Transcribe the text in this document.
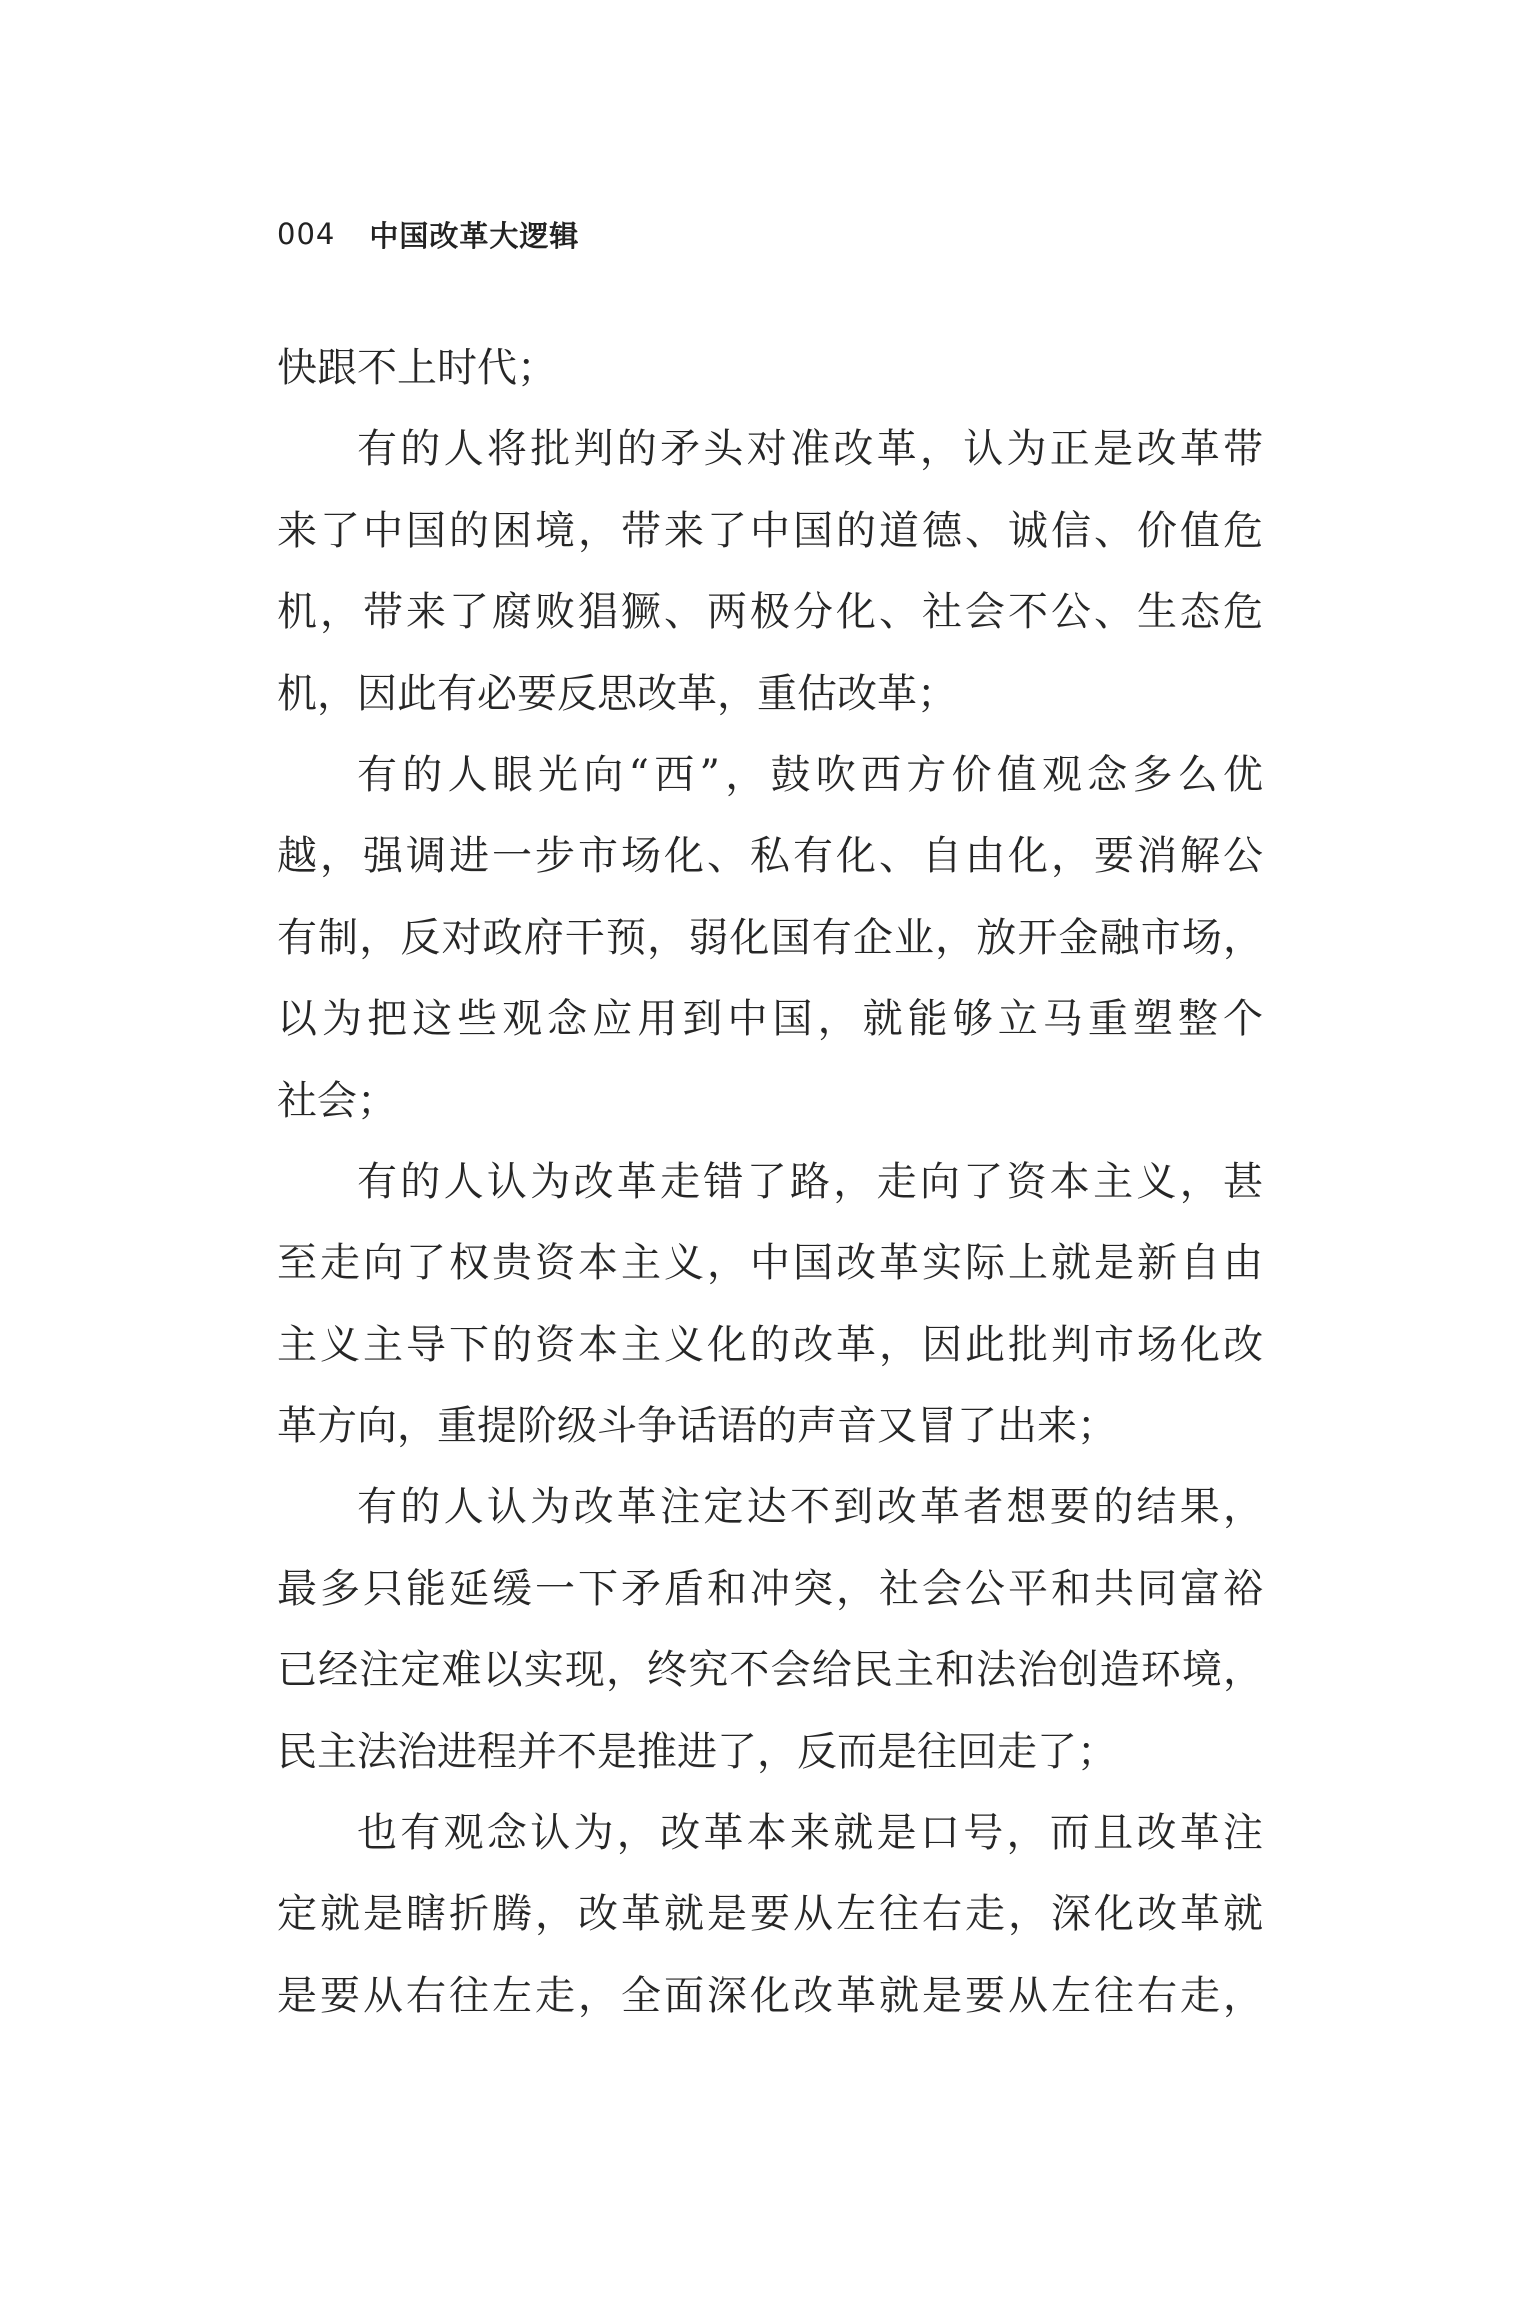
004 中国改革大逻辑
快跟不上时代；
有的人将批判的矛头对准改革，认为正是改革带
来了中国的困境，带来了中国的道德、诚信、价值危
机，带来了腐败猖獗、两极分化、社会不公、生态危
机，因此有必要反思改革，重估改革；
有的人眼光向“西”，鼓吹西方价值观念多么优
越，强调进一步市场化、私有化、自由化，要消解公
有制，反对政府干预，弱化国有企业，放开金融市场，
以为把这些观念应用到中国，就能够立马重塑整个
社会；
有的人认为改革走错了路，走向了资本主义，甚
至走向了权贵资本主义，中国改革实际上就是新自由
主义主导下的资本主义化的改革，因此批判市场化改
革方向，重提阶级斗争话语的声音又冒了出来；
有的人认为改革注定达不到改革者想要的结果，
最多只能延缓一下矛盾和冲突，社会公平和共同富裕
已经注定难以实现，终究不会给民主和法治创造环境，
民主法治进程并不是推进了，反而是往回走了；
也有观念认为，改革本来就是口号，而且改革注
定就是瞎折腾，改革就是要从左往右走，深化改革就
是要从右往左走，全面深化改革就是要从左往右走，
